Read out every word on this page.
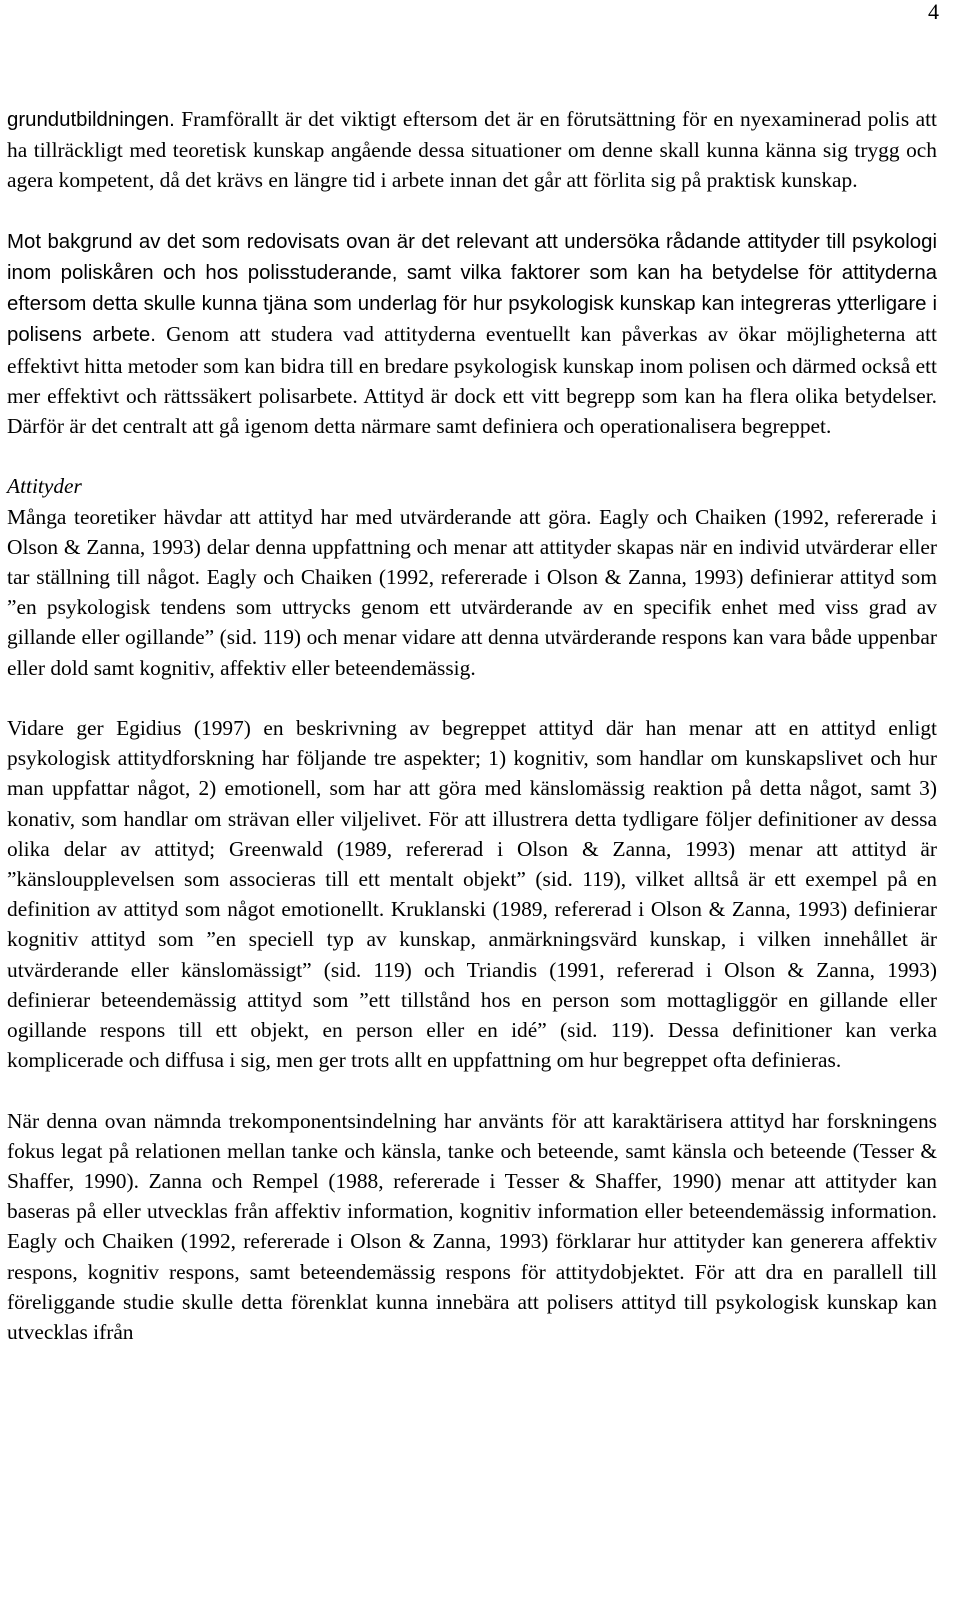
4

grundutbildningen. Framförallt är det viktigt eftersom det är en förutsättning för en nyexaminerad polis att ha tillräckligt med teoretisk kunskap angående dessa situationer om denne skall kunna känna sig trygg och agera kompetent, då det krävs en längre tid i arbete innan det går att förlita sig på praktisk kunskap.

Mot bakgrund av det som redovisats ovan är det relevant att undersöka rådande attityder till psykologi inom poliskåren och hos polisstuderande, samt vilka faktorer som kan ha betydelse för attityderna eftersom detta skulle kunna tjäna som underlag för hur psykologisk kunskap kan integreras ytterligare i polisens arbete. Genom att studera vad attityderna eventuellt kan påverkas av ökar möjligheterna att effektivt hitta metoder som kan bidra till en bredare psykologisk kunskap inom polisen och därmed också ett mer effektivt och rättssäkert polisarbete. Attityd är dock ett vitt begrepp som kan ha flera olika betydelser. Därför är det centralt att gå igenom detta närmare samt definiera och operationalisera begreppet.

Attityder

Många teoretiker hävdar att attityd har med utvärderande att göra. Eagly och Chaiken (1992, refererade i Olson & Zanna, 1993) delar denna uppfattning och menar att attityder skapas när en individ utvärderar eller tar ställning till något. Eagly och Chaiken (1992, refererade i Olson & Zanna, 1993) definierar attityd som ”en psykologisk tendens som uttrycks genom ett utvärderande av en specifik enhet med viss grad av gillande eller ogillande” (sid. 119) och menar vidare att denna utvärderande respons kan vara både uppenbar eller dold samt kognitiv, affektiv eller beteendemässig.

Vidare ger Egidius (1997) en beskrivning av begreppet attityd där han menar att en attityd enligt psykologisk attitydforskning har följande tre aspekter; 1) kognitiv, som handlar om kunskapslivet och hur man uppfattar något, 2) emotionell, som har att göra med känslomässig reaktion på detta något, samt 3) konativ, som handlar om strävan eller viljelivet. För att illustrera detta tydligare följer definitioner av dessa olika delar av attityd; Greenwald (1989, refererad i Olson & Zanna, 1993) menar att attityd är ”känsloupplevelsen som associeras till ett mentalt objekt” (sid. 119), vilket alltså är ett exempel på en definition av attityd som något emotionellt. Kruklanski (1989, refererad i Olson & Zanna, 1993) definierar kognitiv attityd som ”en speciell typ av kunskap, anmärkningsvärd kunskap, i vilken innehållet är utvärderande eller känslomässigt” (sid. 119) och Triandis (1991, refererad i Olson & Zanna, 1993) definierar beteendemässig attityd som ”ett tillstånd hos en person som mottagliggör en gillande eller ogillande respons till ett objekt, en person eller en idé” (sid. 119). Dessa definitioner kan verka komplicerade och diffusa i sig, men ger trots allt en uppfattning om hur begreppet ofta definieras.

När denna ovan nämnda trekomponentsindelning har använts för att karaktärisera attityd har forskningens fokus legat på relationen mellan tanke och känsla, tanke och beteende, samt känsla och beteende (Tesser & Shaffer, 1990). Zanna och Rempel (1988, refererade i Tesser & Shaffer, 1990) menar att attityder kan baseras på eller utvecklas från affektiv information, kognitiv information eller beteendemässig information. Eagly och Chaiken (1992, refererade i Olson & Zanna, 1993) förklarar hur attityder kan generera affektiv respons, kognitiv respons, samt beteendemässig respons för attitydobjektet. För att dra en parallell till föreliggande studie skulle detta förenklat kunna innebära att polisers attityd till psykologisk kunskap kan utvecklas ifrån
